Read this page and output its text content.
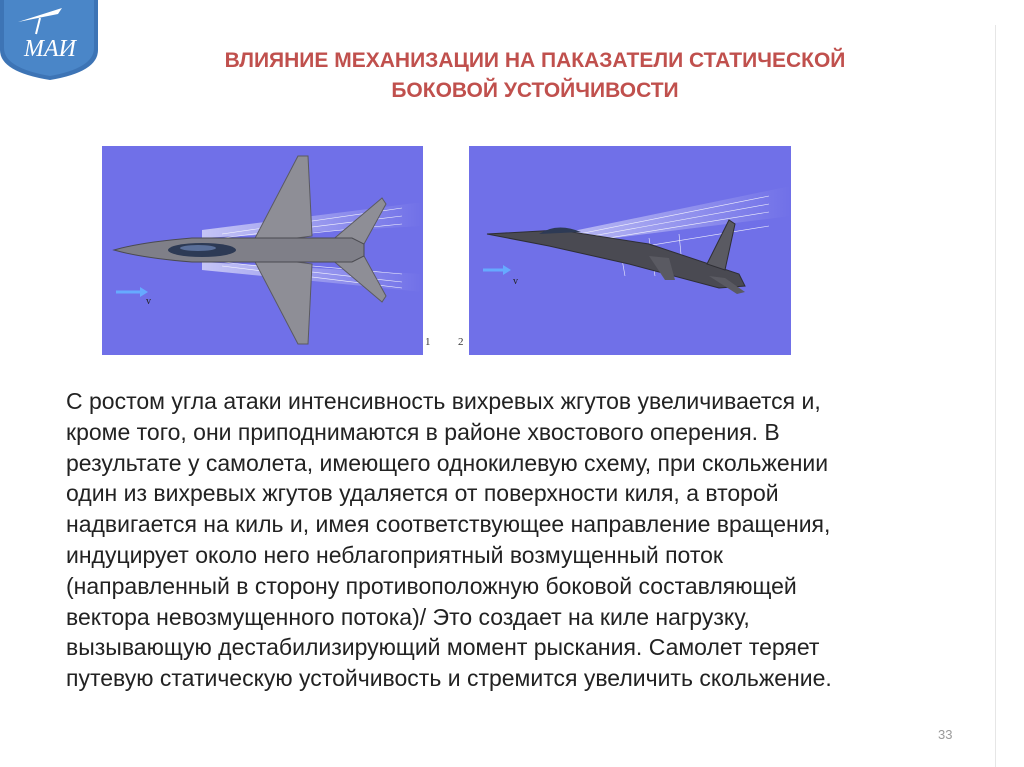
МАИ	ВЛИЯНИЕ МЕХАНИЗАЦИИ НА ПАКАЗАТЕЛИ СТАТИЧЕСКОЙ
БОКОВОЙ УСТОЙЧИВОСТИ
v
1
v
2

С ростом угла атаки интенсивность вихревых жгутов увеличивается и,
кроме того, они приподнимаются в районе хвостового оперения. В
результате у самолета, имеющего однокилевую схему, при скольжении
один из вихревых жгутов удаляется от поверхности киля, а второй
надвигается на киль и, имея соответствующее направление вращения,
индуцирует около него неблагоприятный возмущенный поток
(направленный в сторону противоположную боковой составляющей
вектора невозмущенного потока)/ Это создает на киле нагрузку,
вызывающую дестабилизирующий момент рыскания. Самолет теряет
путевую статическую устойчивость и стремится увеличить скольжение.

33
